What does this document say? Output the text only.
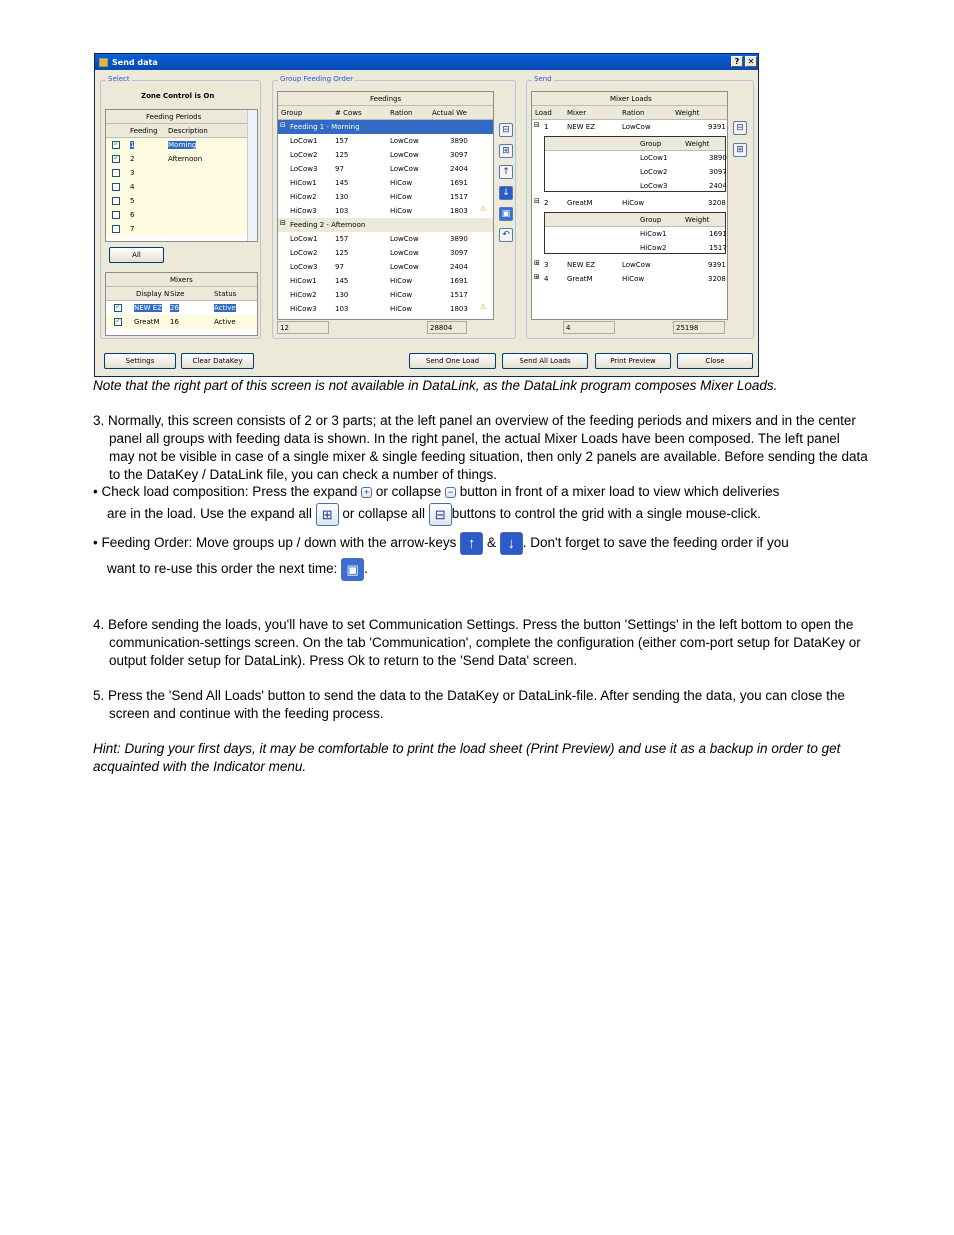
Send data	?	✕
Select
Zone Control is On
Feeding Periods
Feeding Description
✓
1	Morning
✓
2	Afternoon
3
4
5
6
7
All
Mixers
Display N Size	Status
✓
NEW EZ 26	Active
✓
GreatM 16	Active
Group Feeding Order
Feedings
Group	# Cows	Ration	Actual We
⊟ Feeding 1 - Morning
LoCow1	157	LowCow	3890
LoCow2	125	LowCow	3097
LoCow3	97	LowCow	2404
HiCow1	145	HiCow	1691
HiCow2	130	HiCow	1517
HiCow3	103	HiCow	1803 ⚠
⊟ Feeding 2 - Afternoon
LoCow1	157	LowCow	3890
LoCow2	125	LowCow	3097
LoCow3	97	LowCow	2404
HiCow1	145	HiCow	1691
HiCow2	130	HiCow	1517
HiCow3	103	HiCow	1803 ⚠
12	28804
⊟
⊞
↑
↓
▣
↶
Send
Mixer Loads
Load Mixer	Ration	Weight
⊟ 1	NEW EZ	LowCow	9391
Group	Weight
LoCow1	3890
LoCow2	3097
LoCow3	2404
⊟ 2	GreatM	HiCow	3208
Group	Weight
HiCow1	1691
HiCow2	1517
⊞ 3	NEW EZ	LowCow	9391
⊞ 4	GreatM	HiCow	3208
4	25198
⊟
⊞
Settings	Clear DataKey	Send One Load	Send All Loads	Print Preview	Close
Note that the right part of this screen is not available in DataLink, as the DataLink program composes Mixer Loads.
3. Normally, this screen consists of 2 or 3 parts; at the left panel an overview of the feeding periods and mixers and in the center panel all groups with feeding data is shown. In the right panel, the actual Mixer Loads have been composed. The left panel may not be visible in case of a single mixer & single feeding situation, then only 2 panels are available. Before sending the data to the DataKey / DataLink file, you can check a number of things.
• Check load composition: Press the expand + or collapse − button in front of a mixer load to view which deliveries
are in the load. Use the expand all ⊞ or collapse all ⊟ buttons to control the grid with a single mouse-click.
• Feeding Order: Move groups up / down with the arrow-keys ↑ & ↓ . Don't forget to save the feeding order if you
want to re-use this order the next time: ▣ .
4. Before sending the loads, you'll have to set Communication Settings. Press the button 'Settings' in the left bottom to open the communication-settings screen. On the tab 'Communication', complete the configuration (either com-port setup for DataKey or output folder setup for DataLink). Press Ok to return to the 'Send Data' screen.
5. Press the 'Send All Loads' button to send the data to the DataKey or DataLink-file. After sending the data, you can close the screen and continue with the feeding process.
Hint: During your first days, it may be comfortable to print the load sheet (Print Preview) and use it as a backup in order to get acquainted with the Indicator menu.
